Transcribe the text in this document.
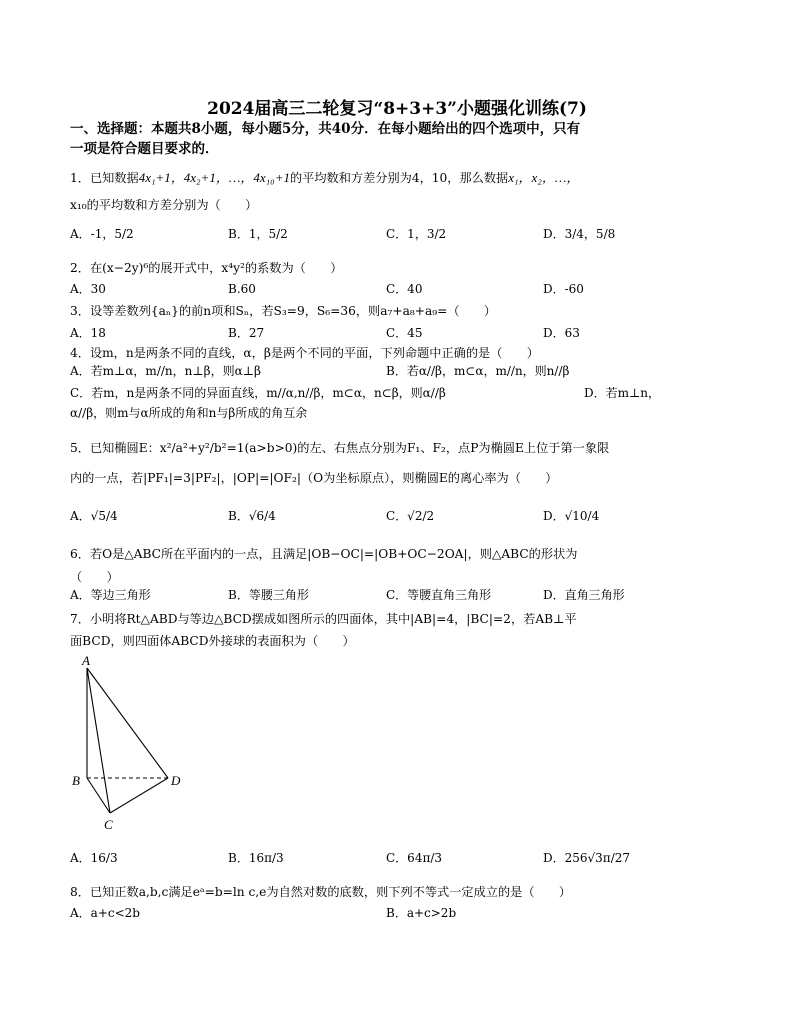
2024届高三二轮复习“8+3+3”小题强化训练(7)
一、选择题：本题共8小题，每小题5分，共40分．在每小题给出的四个选项中，只有
一项是符合题目要求的．
1．已知数据4x₁+1，4x₂+1，…，4x₁₀+1的平均数和方差分别为4，10，那么数据x₁，x₂，…，
x₁₀的平均数和方差分别为（　　）
A．-1，5/2	B．1，5/2	C．1，3/2	D．3/4，5/8
2．在(x−2y)⁶的展开式中，x⁴y²的系数为（　　）
A．30	B.60	C．40	D．-60
3．设等差数列{aₙ}的前n项和Sₙ，若S₃=9，S₆=36，则a₇+a₈+a₉=（　　）
A．18	B．27	C．45	D．63
4．设m，n是两条不同的直线，α，β是两个不同的平面，下列命题中正确的是（　　）
A．若m⊥α，m//n，n⊥β，则α⊥β	B．若α//β，m⊂α，m//n，则n//β
C．若m，n是两条不同的异面直线，m//α,n//β，m⊂α，n⊂β，则α//β	D．若m⊥n，
α//β，则m与α所成的角和n与β所成的角互余
5．已知椭圆E：x²/a²+y²/b²=1(a>b>0)的左、右焦点分别为F₁、F₂，点P为椭圆E上位于第一象限
内的一点，若|PF₁|=3|PF₂|，|OP|=|OF₂|（O为坐标原点），则椭圆E的离心率为（　　）
A．√5/4	B．√6/4	C．√2/2	D．√10/4
6．若O是△ABC所在平面内的一点，且满足|OB−OC|=|OB+OC−2OA|，则△ABC的形状为
（　　）
A．等边三角形	B．等腰三角形	C．等腰直角三角形	D．直角三角形
7．小明将Rt△ABD与等边△BCD摆成如图所示的四面体，其中|AB|=4，|BC|=2，若AB⊥平
面BCD，则四面体ABCD外接球的表面积为（　　）
A
B
C
D
A．16/3	B．16π/3	C．64π/3	D．256√3π/27
8．已知正数a,b,c满足eᵃ=b=ln c,e为自然对数的底数，则下列不等式一定成立的是（　　）
A．a+c<2b	B．a+c>2b
